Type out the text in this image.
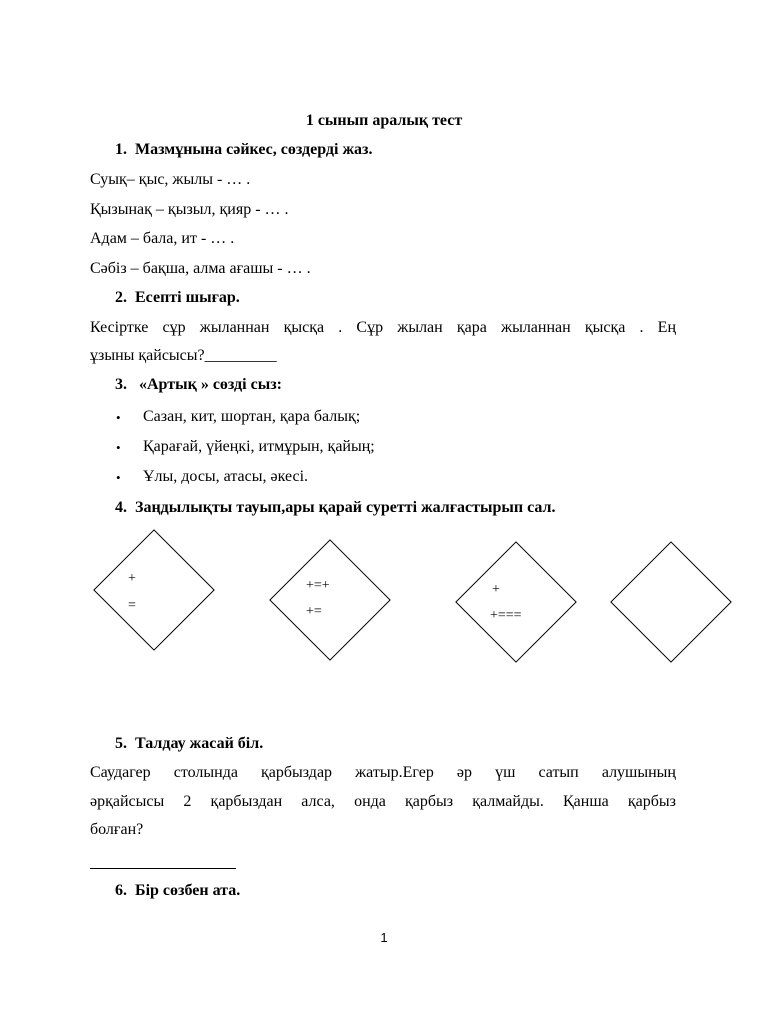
1 сынып аралық тест
1. Мазмұнына сәйкес, сөздерді жаз.
Суық– қыс, жылы - … .
Қызынақ – қызыл, қияр - … .
Адам – бала, ит - … .
Сәбіз – бақша, алма ағашы - … .
2. Есепті шығар.
Кесіртке сұр жыланнан қысқа . Сұр жылан қара жыланнан қысқа . Ең
ұзыны қайсысы?_________
3. «Артық » сөзді сыз:
• Сазан, кит, шортан, қара балық;
• Қарағай, үйеңкі, итмұрын, қайың;
• Ұлы, досы, атасы, әкесі.
4. Заңдылықты тауып,ары қарай суретті жалғастырып сал.
+
=
+=+
+=
+
+===
5. Талдау жасай біл.
Саудагер столында қарбыздар жатыр.Егер әр үш сатып алушының
әрқайсысы 2 қарбыздан алса, онда қарбыз қалмайды. Қанша қарбыз
болған?
6. Бір сөзбен ата.
1
